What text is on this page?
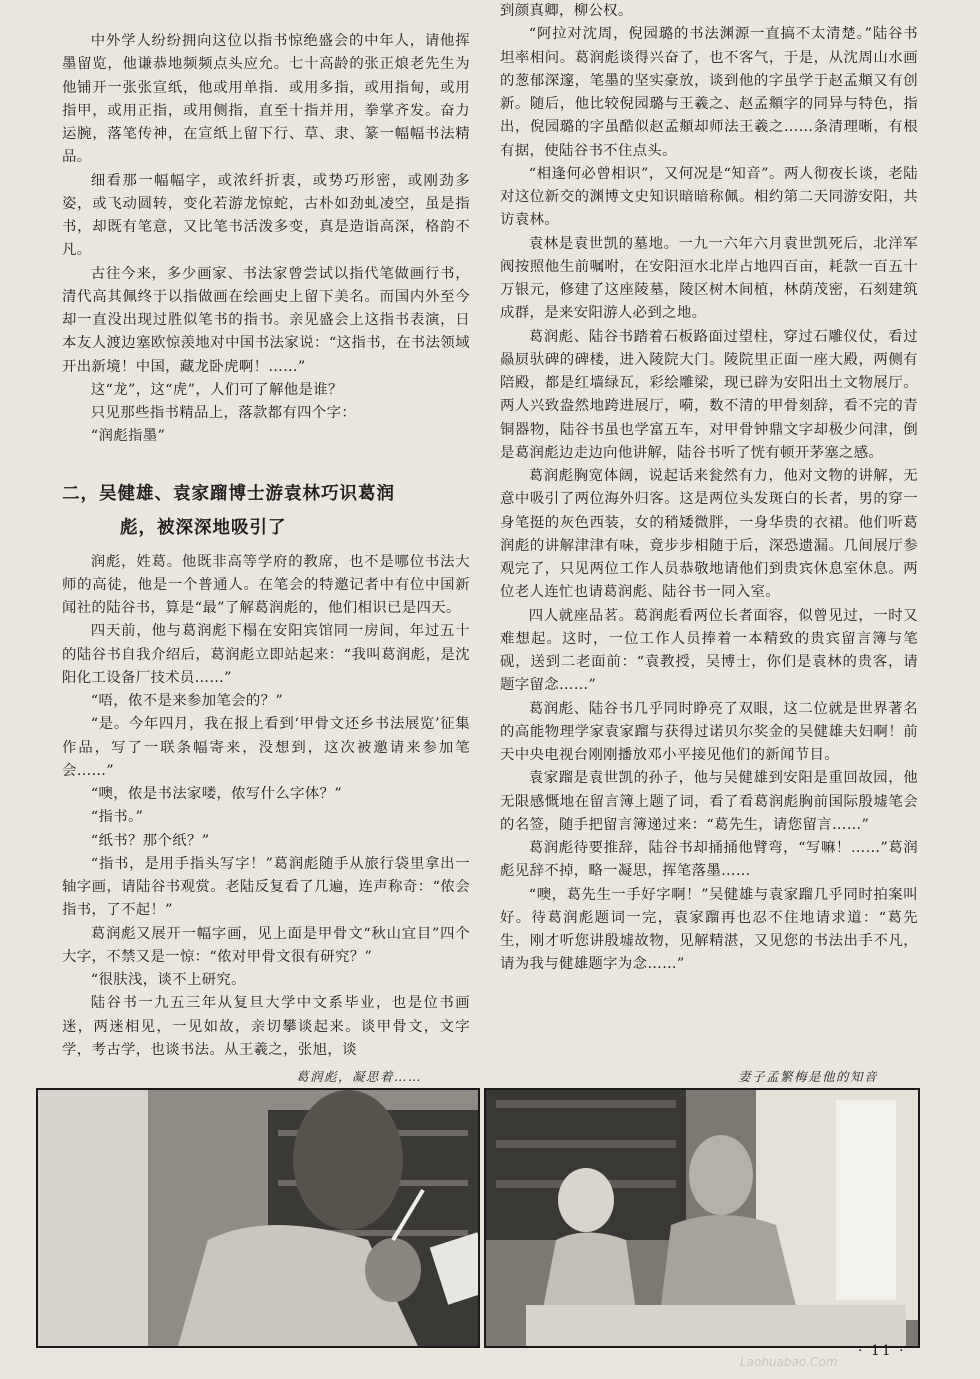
中外学人纷纷拥向这位以指书惊绝盛会的中年人，请他挥墨留览，他谦恭地频频点头应允。七十高龄的张正烺老先生为他铺开一张张宣纸，他或用单指．或用多指，或用指甸，或用指甲，或用正指，或用侧指，直至十指并用，拳掌齐发。奋力运腕，落笔传神，在宣纸上留下行、草、隶、篆一幅幅书法精品。

细看那一幅幅字，或浓纤折衷，或势巧形密，或刚劲多姿，或飞动圆转，变化若游龙惊蛇，古朴如劲虬凌空，虽是指书，却既有笔意，又比笔书活泼多变，真是造诣高深，格韵不凡。

古往今来，多少画家、书法家曾尝试以指代笔做画行书，清代高其佩终于以指做画在绘画史上留下美名。而国内外至今却一直没出现过胜似笔书的指书。亲见盛会上这指书表演，日本友人渡边塞欧惊羡地对中国书法家说：“这指书，在书法领域开出新境！中国，藏龙卧虎啊！……”

这“龙”，这“虎”，人们可了解他是谁？

只见那些指书精品上，落款都有四个字：

“润彪指墨”

二，吴健雄、袁家蹓博士游袁林巧识葛润
彪，被深深地吸引了

润彪，姓葛。他既非高等学府的教席，也不是哪位书法大师的高徒，他是一个普通人。在笔会的特邀记者中有位中国新闻社的陆谷书，算是“最”了解葛润彪的，他们相识已是四天。

四天前，他与葛润彪下榻在安阳宾馆同一房间，年过五十的陆谷书自我介绍后，葛润彪立即站起来：“我叫葛润彪，是沈阳化工设备厂技术员……”

“唔，侬不是来参加笔会的？”

“是。今年四月，我在报上看到‘甲骨文还乡书法展览’征集作品，写了一联条幅寄来，没想到，这次被邀请来参加笔会……”

“噢，侬是书法家喽，侬写什么字体？”

“指书。”

“纸书？那个纸？”

“指书，是用手指头写字！”葛润彪随手从旅行袋里拿出一轴字画，请陆谷书观赏。老陆反复看了几遍，连声称奇：“侬会指书，了不起！”

葛润彪又展开一幅字画，见上面是甲骨文“秋山宜目”四个大字，不禁又是一惊：“侬对甲骨文很有研究？”

“很肤浅，谈不上研究。

陆谷书一九五三年从复旦大学中文系毕业，也是位书画迷，两迷相见，一见如故，亲切攀谈起来。谈甲骨文，文字学，考古学，也谈书法。从王羲之，张旭，谈

到颜真卿，柳公权。

“阿拉对沈周，倪园璐的书法渊源一直搞不太清楚。”陆谷书坦率相问。葛润彪谈得兴奋了，也不客气，于是，从沈周山水画的葱郁深邃，笔墨的坚实豪放，谈到他的字虽学于赵孟頫又有创新。随后，他比较倪园璐与王羲之、赵孟頫字的同异与特色，指出，倪园璐的字虽酷似赵孟頫却师法王羲之……条清理晰，有根有据，使陆谷书不住点头。

“相逢何必曾相识”，又何况是“知音”。两人彻夜长谈，老陆对这位新交的渊博文史知识暗暗称佩。相约第二天同游安阳，共访袁林。

袁林是袁世凯的墓地。一九一六年六月袁世凯死后，北洋军阀按照他生前嘱咐，在安阳洹水北岸占地四百亩，耗款一百五十万银元，修建了这座陵墓，陵区树木间植，林荫茂密，石刻建筑成群，是来安阳游人必到之地。

葛润彪、陆谷书踏着石板路面过望柱，穿过石雕仪仗，看过赑屃驮碑的碑楼，进入陵院大门。陵院里正面一座大殿，两侧有陪殿，都是红墙绿瓦，彩绘雕梁，现已辟为安阳出土文物展厅。两人兴致盎然地跨进展厅，嗬，数不清的甲骨刻辞，看不完的青铜器物，陆谷书虽也学富五车，对甲骨钟鼎文字却极少问津，倒是葛润彪边走边向他讲解，陆谷书听了恍有顿开茅塞之感。

葛润彪胸宽体阔，说起话来瓮然有力，他对文物的讲解，无意中吸引了两位海外归客。这是两位头发斑白的长者，男的穿一身笔挺的灰色西装，女的稍矮微胖，一身华贵的衣裙。他们听葛润彪的讲解津津有味，竟步步相随于后，深恐遗漏。几间展厅参观完了，只见两位工作人员恭敬地请他们到贵宾休息室休息。两位老人连忙也请葛润彪、陆谷书一同入室。

四人就座品茗。葛润彪看两位长者面容，似曾见过，一时又难想起。这时，一位工作人员捧着一本精致的贵宾留言簿与笔砚，送到二老面前：“袁教授，吴博士，你们是袁林的贵客，请题字留念……”

葛润彪、陆谷书几乎同时睁亮了双眼，这二位就是世界著名的高能物理学家袁家蹓与获得过诺贝尔奖金的吴健雄夫妇啊！前天中央电视台刚刚播放邓小平接见他们的新闻节目。

袁家蹓是袁世凯的孙子，他与吴健雄到安阳是重回故园，他无限感慨地在留言簿上题了词，看了看葛润彪胸前国际殷墟笔会的名签，随手把留言簿递过来：“葛先生，请您留言……”

葛润彪待要推辞，陆谷书却捅捅他臂弯，“写嘛！……”葛润彪见辞不掉，略一凝思，挥笔落墨……

“噢，葛先生一手好字啊！”吴健雄与袁家蹓几乎同时拍案叫好。待葛润彪题词一完，袁家蹓再也忍不住地请求道：“葛先生，刚才听您讲殷墟故物，见解精湛，又见您的书法出手不凡，请为我与健雄题字为念……”

葛润彪，凝思着……	妻子孟繁梅是他的知音
· 11 ·
Laohuabao.Com
